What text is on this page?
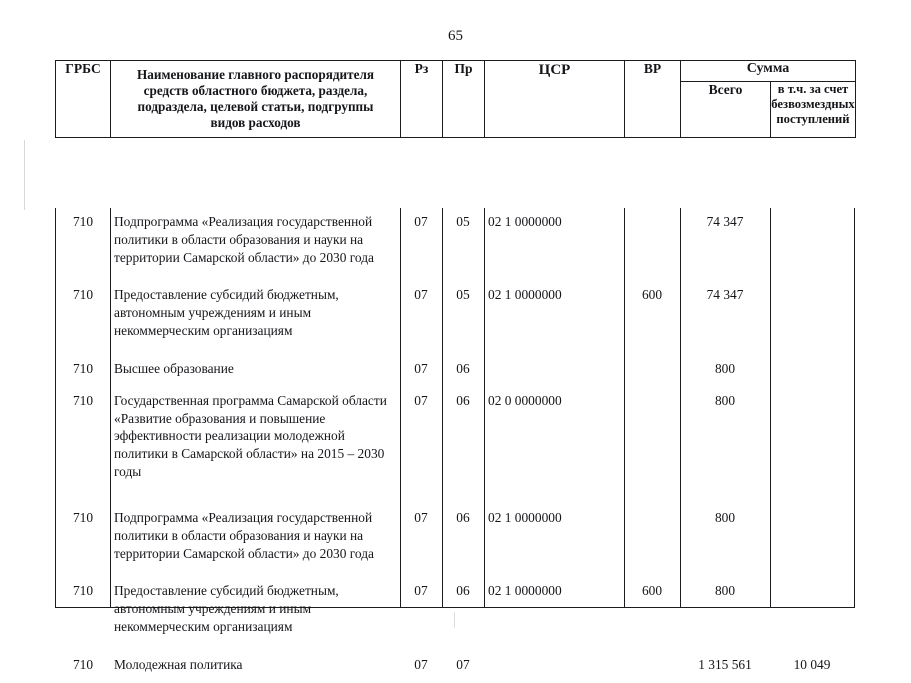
65
ГРБС	Наименование главного распорядителя средств областного бюджета, раздела, подраздела, целевой статьи, подгруппы видов расходов	Рз	Пр	ЦСР	ВР	Сумма	
						Всего	в т.ч. за счет безвозмездных поступлений
710	Подпрограмма «Реализация государственной политики в области образования и науки на территории Самарской области» до 2030 года	07	05	02 1 0000000		74 347	

710	Предоставление субсидий бюджетным, автономным учреждениям и иным некоммерческим организациям	07	05	02 1 0000000	600	74 347	

710	Высшее образование	07	06			800	
710	Государственная программа Самарской области «Развитие образования и повышение эффективности реализации молодежной политики в Самарской области» на 2015 – 2030 годы	07	06	02 0 0000000		800	

710	Подпрограмма «Реализация государственной политики в области образования и науки на территории Самарской области» до 2030 года	07	06	02 1 0000000		800	

710	Предоставление субсидий бюджетным, автономным учреждениям и иным некоммерческим организациям	07	06	02 1 0000000	600	800	

710	Молодежная политика	07	07			1 315 561	10 049
